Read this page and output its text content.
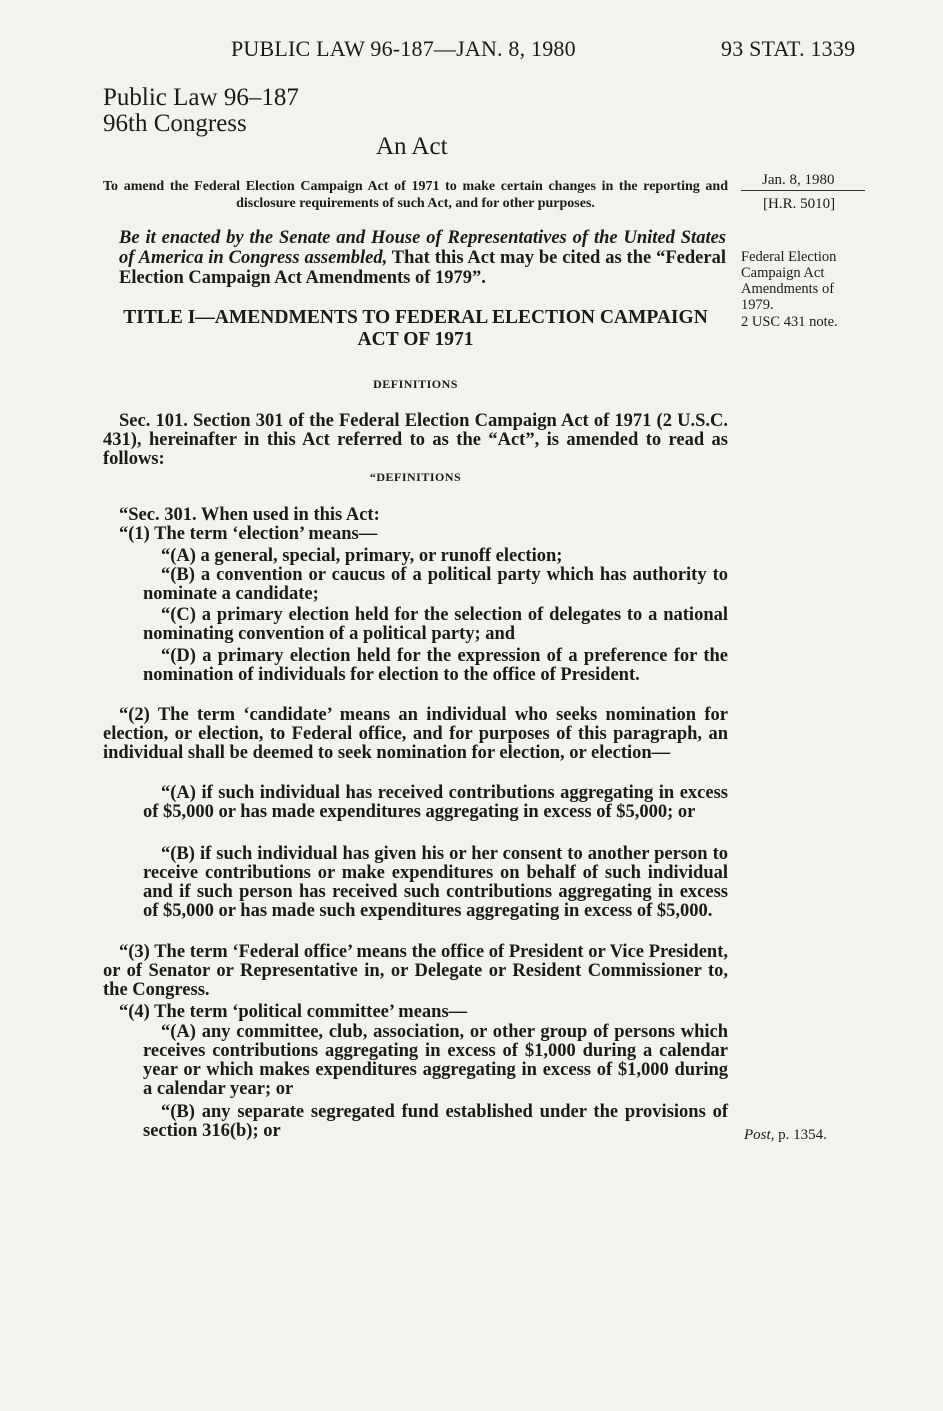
PUBLIC LAW 96-187—JAN. 8, 1980	93 STAT. 1339
Public Law 96–187
96th Congress
An Act
To amend the Federal Election Campaign Act of 1971 to make certain changes in the reporting and disclosure requirements of such Act, and for other purposes.
Be it enacted by the Senate and House of Representatives of the United States of America in Congress assembled, That this Act may be cited as the “Federal Election Campaign Act Amendments of 1979”.
TITLE I—AMENDMENTS TO FEDERAL ELECTION CAMPAIGN ACT OF 1971
DEFINITIONS
Sec. 101. Section 301 of the Federal Election Campaign Act of 1971 (2 U.S.C. 431), hereinafter in this Act referred to as the “Act”, is amended to read as follows:
“DEFINITIONS
“Sec. 301. When used in this Act:
“(1) The term ‘election’ means—
“(A) a general, special, primary, or runoff election;
“(B) a convention or caucus of a political party which has authority to nominate a candidate;
“(C) a primary election held for the selection of delegates to a national nominating convention of a political party; and
“(D) a primary election held for the expression of a preference for the nomination of individuals for election to the office of President.
“(2) The term ‘candidate’ means an individual who seeks nomination for election, or election, to Federal office, and for purposes of this paragraph, an individual shall be deemed to seek nomination for election, or election—
“(A) if such individual has received contributions aggregating in excess of $5,000 or has made expenditures aggregating in excess of $5,000; or
“(B) if such individual has given his or her consent to another person to receive contributions or make expenditures on behalf of such individual and if such person has received such contributions aggregating in excess of $5,000 or has made such expenditures aggregating in excess of $5,000.
“(3) The term ‘Federal office’ means the office of President or Vice President, or of Senator or Representative in, or Delegate or Resident Commissioner to, the Congress.
“(4) The term ‘political committee’ means—
“(A) any committee, club, association, or other group of persons which receives contributions aggregating in excess of $1,000 during a calendar year or which makes expenditures aggregating in excess of $1,000 during a calendar year; or
“(B) any separate segregated fund established under the provisions of section 316(b); or
Jan. 8, 1980
[H.R. 5010]
Federal Election
Campaign Act
Amendments of
1979.
2 USC 431 note.
Post, p. 1354.
